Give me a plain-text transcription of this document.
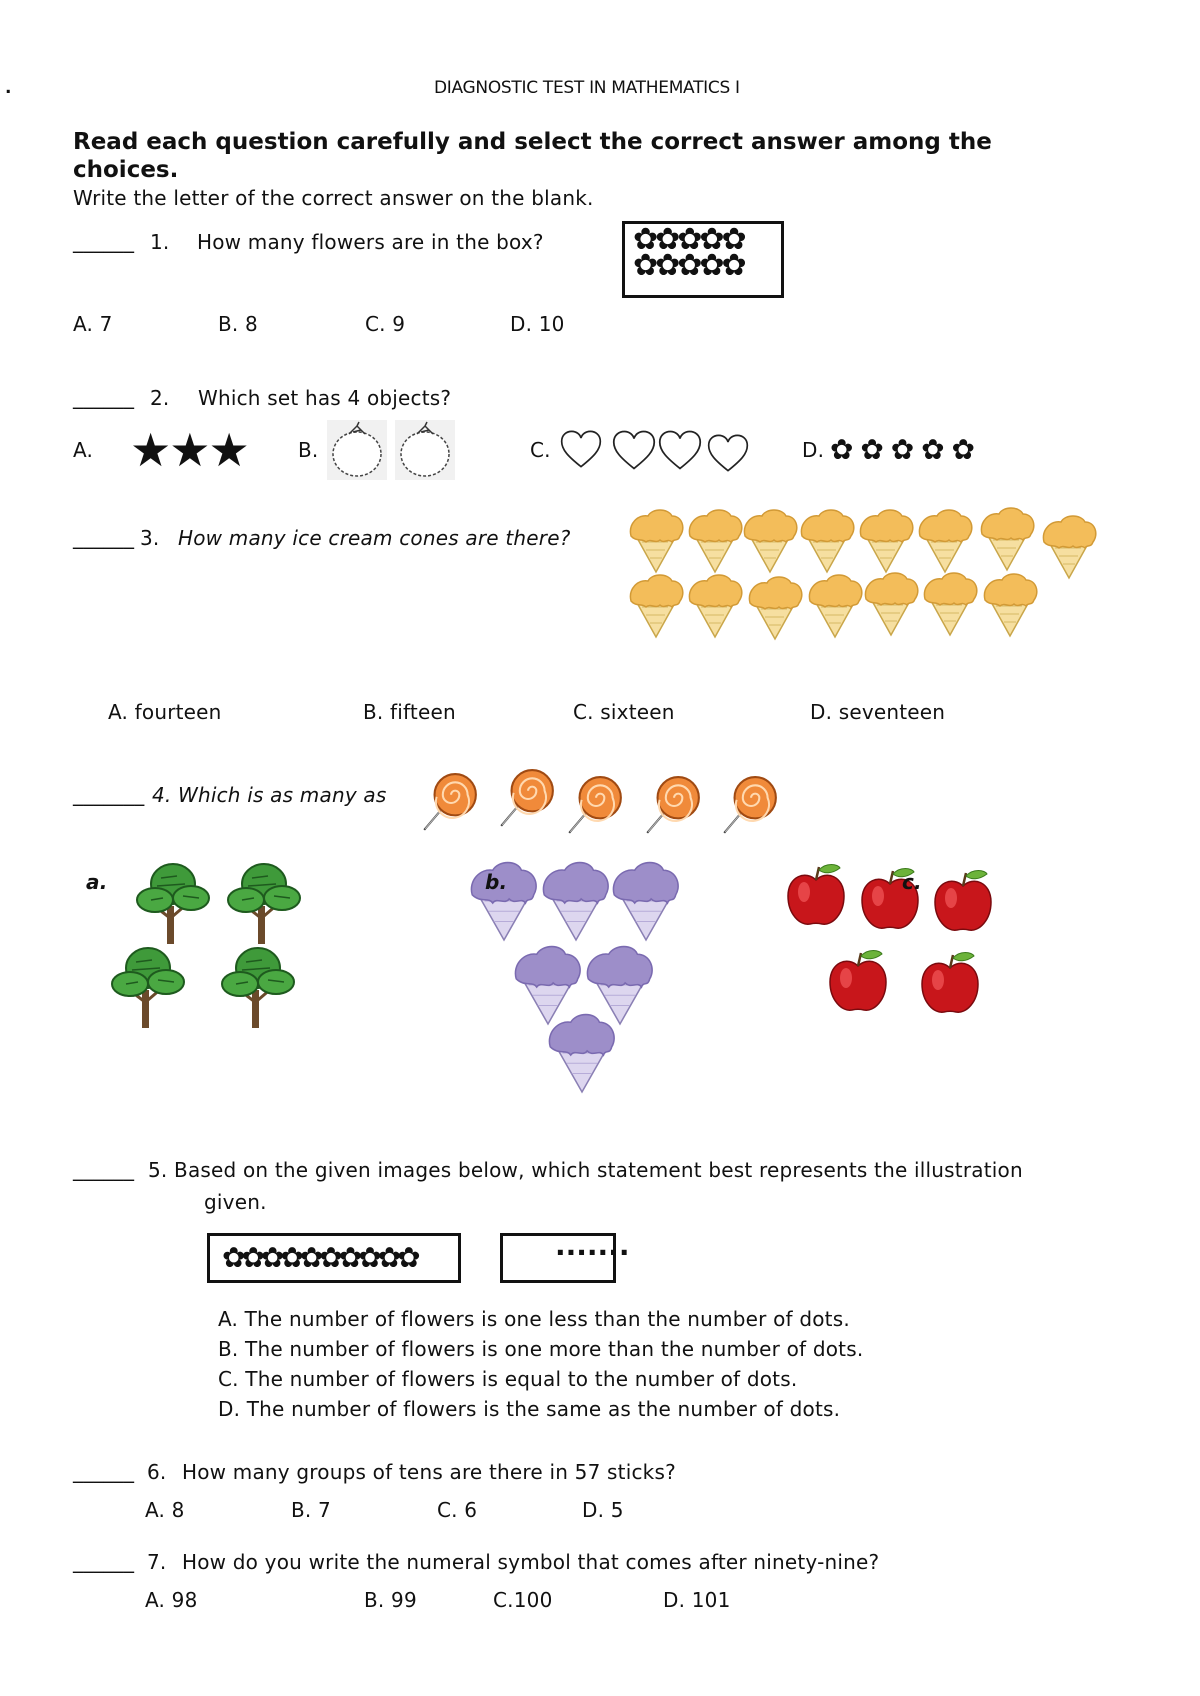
.	DIAGNOSTIC TEST IN MATHEMATICS I
Read each question carefully and select the correct answer among the
choices.
Write the letter of the correct answer on the blank.
______ 1. How many flowers are in the box?	✿✿✿✿✿
✿✿✿✿✿
A. 7	B. 8	C. 9	D. 10
______ 2. Which set has 4 objects?
A. ★★★	B.	C.	D. ✿ ✿ ✿ ✿ ✿
______ 3. How many ice cream cones are there?
A. fourteen	B. fifteen	C. sixteen	D. seventeen
_______ 4. Which is as many as
a.	b.	c.
______ 5. Based on the given images below, which statement best represents the illustration
given.
✿✿✿✿✿✿✿✿✿✿	·······
A. The number of flowers is one less than the number of dots.
B. The number of flowers is one more than the number of dots.
C. The number of flowers is equal to the number of dots.
D. The number of flowers is the same as the number of dots.
______ 6. How many groups of tens are there in 57 sticks?
A. 8	B. 7	C. 6	D. 5
______ 7. How do you write the numeral symbol that comes after ninety-nine?
A. 98	B. 99	C.100	D. 101
